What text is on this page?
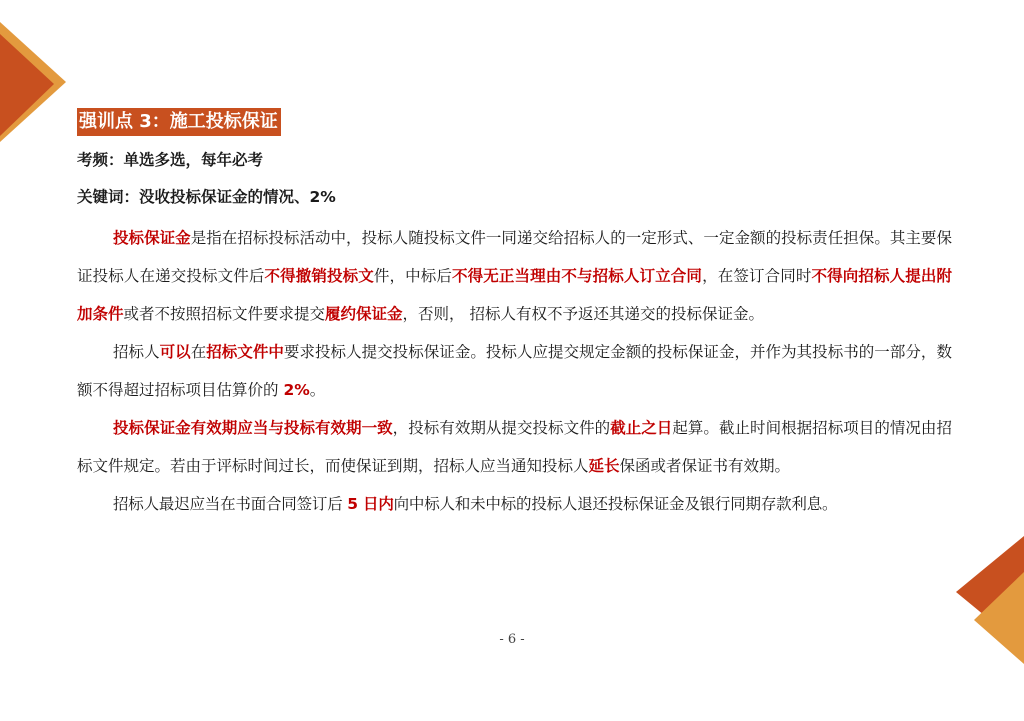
强训点 3：施工投标保证
考频：单选多选，每年必考
关键词：没收投标保证金的情况、2%

投标保证金是指在招标投标活动中，投标人随投标文件一同递交给招标人的一定形式、一定金额的投标责任担保。其主要保证投标人在递交投标文件后不得撤销投标文件，中标后不得无正当理由不与招标人订立合同，在签订合同时不得向招标人提出附加条件或者不按照招标文件要求提交履约保证金，否则， 招标人有权不予返还其递交的投标保证金。

招标人可以在招标文件中要求投标人提交投标保证金。投标人应提交规定金额的投标保证金，并作为其投标书的一部分，数额不得超过招标项目估算价的 2%。

投标保证金有效期应当与投标有效期一致，投标有效期从提交投标文件的截止之日起算。截止时间根据招标项目的情况由招标文件规定。若由于评标时间过长，而使保证到期，招标人应当通知投标人延长保函或者保证书有效期。

招标人最迟应当在书面合同签订后 5 日内向中标人和未中标的投标人退还投标保证金及银行同期存款利息。

- 6 -
